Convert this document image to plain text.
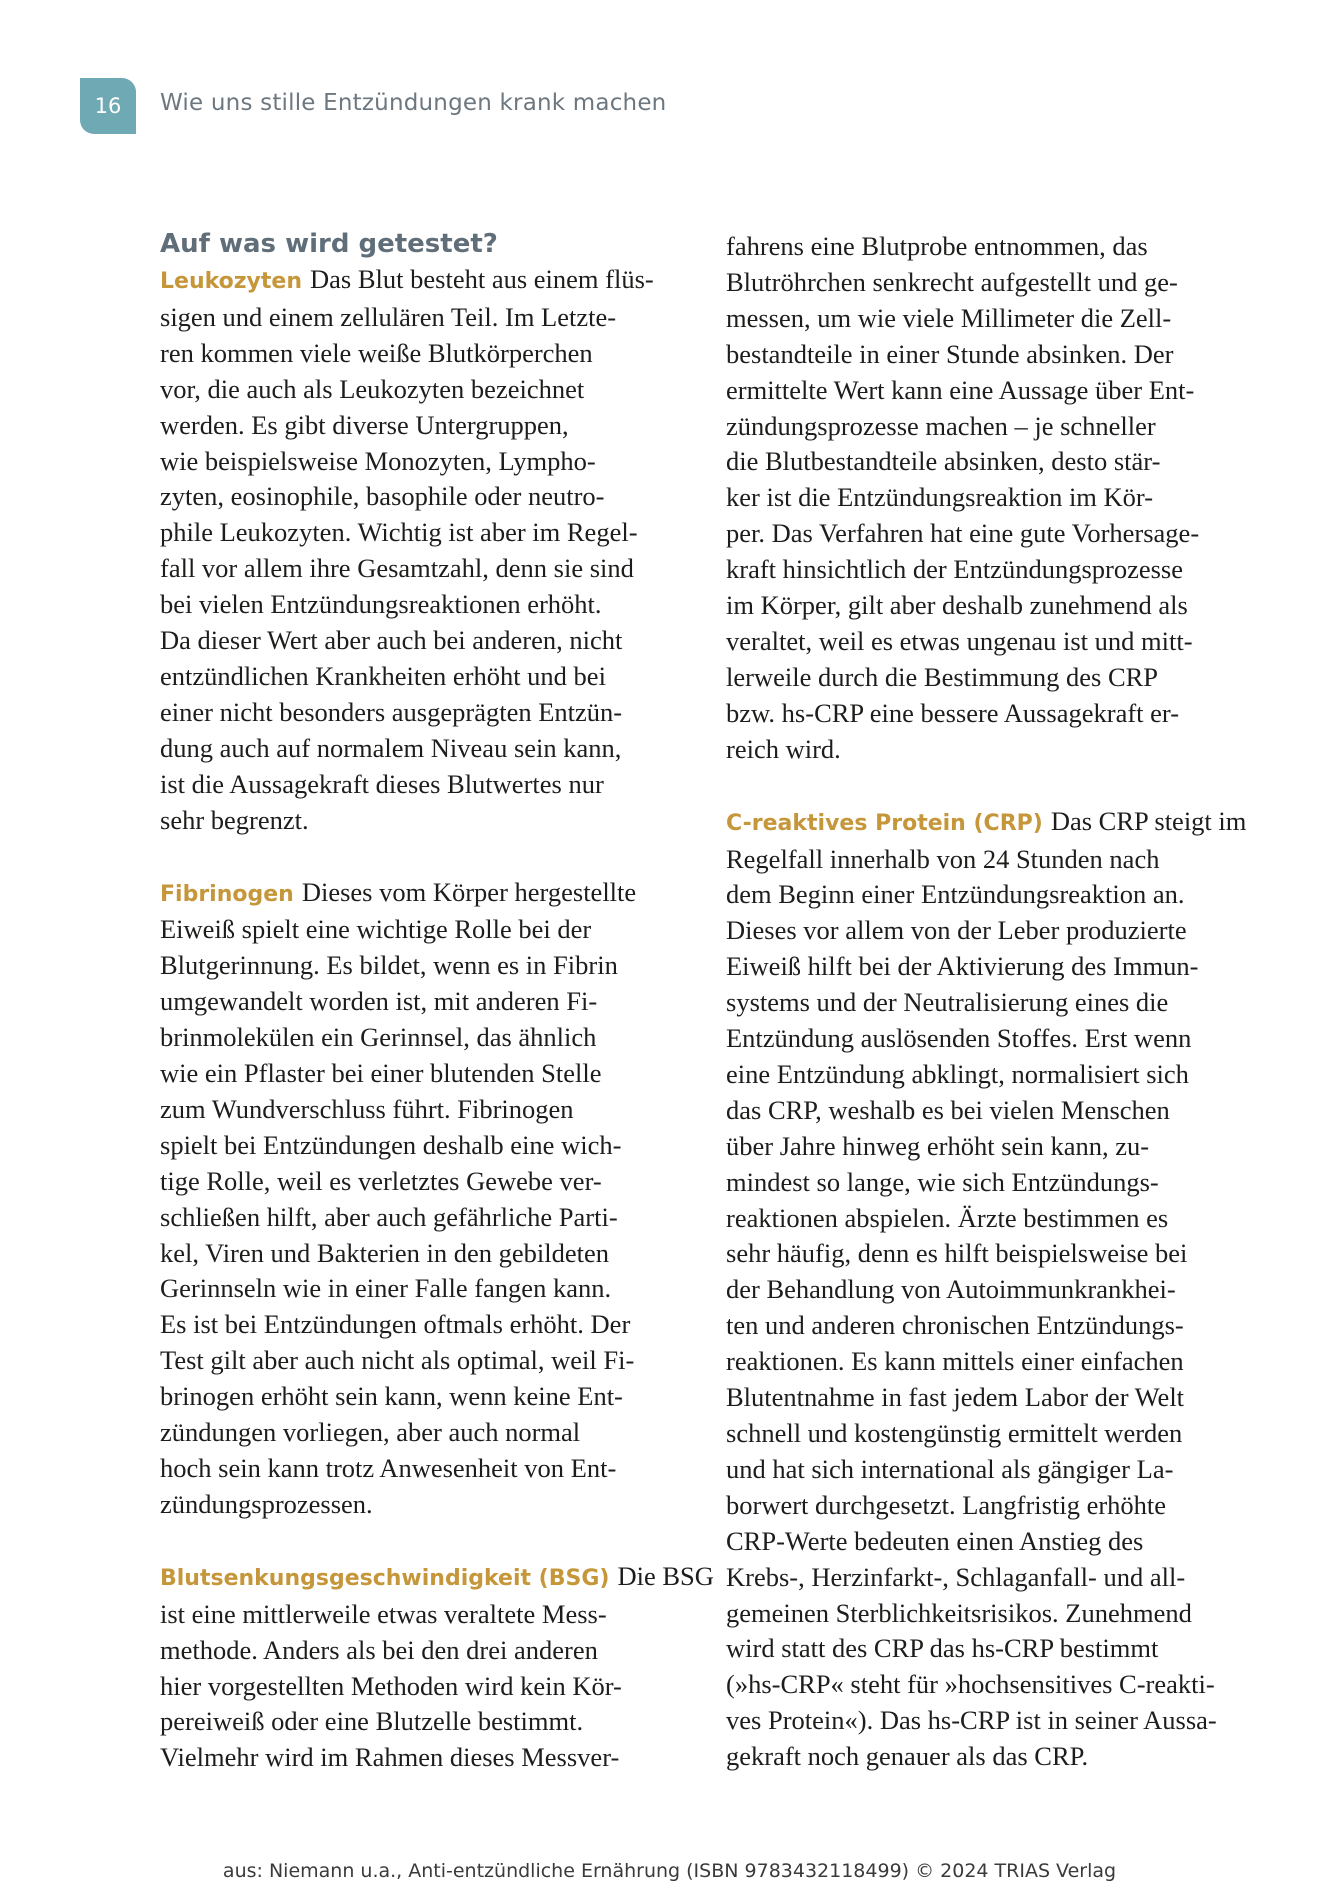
16 Wie uns stille Entzündungen krank machen
Auf was wird getestet?
Leukozyten Das Blut besteht aus einem flüs-
sigen und einem zellulären Teil. Im Letzte-
ren kommen viele weiße Blutkörperchen
vor, die auch als Leukozyten bezeichnet
werden. Es gibt diverse Untergruppen,
wie beispielsweise Monozyten, Lympho-
zyten, eosinophile, basophile oder neutro-
phile Leukozyten. Wichtig ist aber im Regel-
fall vor allem ihre Gesamtzahl, denn sie sind
bei vielen Entzündungsreaktionen erhöht.
Da dieser Wert aber auch bei anderen, nicht
entzündlichen Krankheiten erhöht und bei
einer nicht besonders ausgeprägten Entzün-
dung auch auf normalem Niveau sein kann,
ist die Aussagekraft dieses Blutwertes nur
sehr begrenzt.
Fibrinogen Dieses vom Körper hergestellte
Eiweiß spielt eine wichtige Rolle bei der
Blutgerinnung. Es bildet, wenn es in Fibrin
umgewandelt worden ist, mit anderen Fi-
brinmolekülen ein Gerinnsel, das ähnlich
wie ein Pflaster bei einer blutenden Stelle
zum Wundverschluss führt. Fibrinogen
spielt bei Entzündungen deshalb eine wich-
tige Rolle, weil es verletztes Gewebe ver-
schließen hilft, aber auch gefährliche Parti-
kel, Viren und Bakterien in den gebildeten
Gerinnseln wie in einer Falle fangen kann.
Es ist bei Entzündungen oftmals erhöht. Der
Test gilt aber auch nicht als optimal, weil Fi-
brinogen erhöht sein kann, wenn keine Ent-
zündungen vorliegen, aber auch normal
hoch sein kann trotz Anwesenheit von Ent-
zündungsprozessen.
Blutsenkungsgeschwindigkeit (BSG) Die BSG
ist eine mittlerweile etwas veraltete Mess-
methode. Anders als bei den drei anderen
hier vorgestellten Methoden wird kein Kör-
pereiweiß oder eine Blutzelle bestimmt.
Vielmehr wird im Rahmen dieses Messver-
fahrens eine Blutprobe entnommen, das
Blutröhrchen senkrecht aufgestellt und ge-
messen, um wie viele Millimeter die Zell-
bestandteile in einer Stunde absinken. Der
ermittelte Wert kann eine Aussage über Ent-
zündungsprozesse machen – je schneller
die Blutbestandteile absinken, desto stär-
ker ist die Entzündungsreaktion im Kör-
per. Das Verfahren hat eine gute Vorhersage-
kraft hinsichtlich der Entzündungsprozesse
im Körper, gilt aber deshalb zunehmend als
veraltet, weil es etwas ungenau ist und mitt-
lerweile durch die Bestimmung des CRP
bzw. hs-CRP eine bessere Aussagekraft er-
reich wird.
C-reaktives Protein (CRP) Das CRP steigt im
Regelfall innerhalb von 24 Stunden nach
dem Beginn einer Entzündungsreaktion an.
Dieses vor allem von der Leber produzierte
Eiweiß hilft bei der Aktivierung des Immun-
systems und der Neutralisierung eines die
Entzündung auslösenden Stoffes. Erst wenn
eine Entzündung abklingt, normalisiert sich
das CRP, weshalb es bei vielen Menschen
über Jahre hinweg erhöht sein kann, zu-
mindest so lange, wie sich Entzündungs-
reaktionen abspielen. Ärzte bestimmen es
sehr häufig, denn es hilft beispielsweise bei
der Behandlung von Autoimmunkrankhei-
ten und anderen chronischen Entzündungs-
reaktionen. Es kann mittels einer einfachen
Blutentnahme in fast jedem Labor der Welt
schnell und kostengünstig ermittelt werden
und hat sich international als gängiger La-
borwert durchgesetzt. Langfristig erhöhte
CRP-Werte bedeuten einen Anstieg des
Krebs-, Herzinfarkt-, Schlaganfall- und all-
gemeinen Sterblichkeitsrisikos. Zunehmend
wird statt des CRP das hs-CRP bestimmt
(»hs-CRP« steht für »hochsensitives C-reakti-
ves Protein«). Das hs-CRP ist in seiner Aussa-
gekraft noch genauer als das CRP.
aus: Niemann u.a., Anti-entzündliche Ernährung (ISBN 9783432118499) © 2024 TRIAS Verlag
